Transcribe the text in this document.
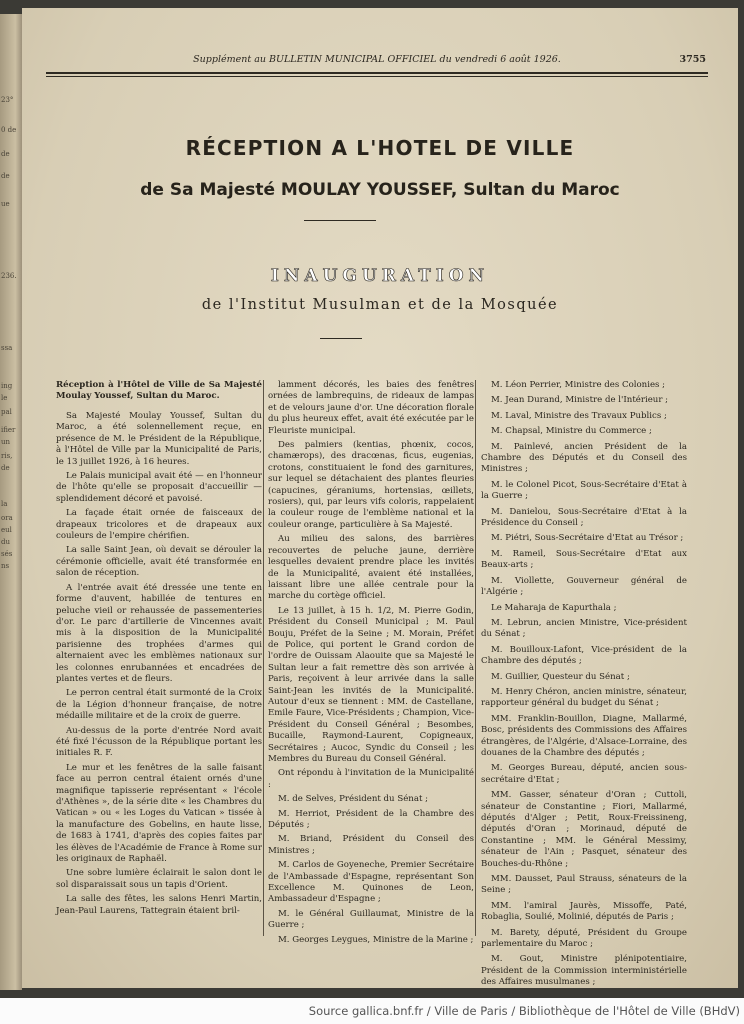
23°
0 de
de
de
ue
236.
ssa
ing
le
pal
ifier
un
ris,
de
la
ora
eul
du
sés
ns
Supplément au BULLETIN MUNICIPAL OFFICIEL du vendredi 6 août 1926.	3755
RÉCEPTION A L'HOTEL DE VILLE
de Sa Majesté MOULAY YOUSSEF, Sultan du Maroc
INAUGURATION
de l'Institut Musulman et de la Mosquée

Réception à l'Hôtel de Ville de Sa Majesté Moulay Youssef, Sultan du Maroc.

Sa Majesté Moulay Youssef, Sultan du Maroc, a été solennellement reçue, en présence de M. le Président de la République, à l'Hôtel de Ville par la Municipalité de Paris, le 13 juillet 1926, à 16 heures.

Le Palais municipal avait été — en l'honneur de l'hôte qu'elle se proposait d'accueillir — splendidement décoré et pavoisé.

La façade était ornée de faisceaux de drapeaux tricolores et de drapeaux aux couleurs de l'empire chérifien.

La salle Saint Jean, où devait se dérouler la cérémonie officielle, avait été transformée en salon de réception.

A l'entrée avait été dressée une tente en forme d'auvent, habillée de tentures en peluche vieil or rehaussée de passementeries d'or. Le parc d'artillerie de Vincennes avait mis à la disposition de la Municipalité parisienne des trophées d'armes qui alternaient avec les emblèmes nationaux sur les colonnes enrubannées et encadrées de plantes vertes et de fleurs.

Le perron central était surmonté de la Croix de la Légion d'honneur française, de notre médaille militaire et de la croix de guerre.

Au-dessus de la porte d'entrée Nord avait été fixé l'écusson de la République portant les initiales R. F.

Le mur et les fenêtres de la salle faisant face au perron central étaient ornés d'une magnifique tapisserie représentant « l'école d'Athènes », de la série dite « les Chambres du Vatican » ou « les Loges du Vatican » tissée à la manufacture des Gobelins, en haute lisse, de 1683 à 1741, d'après des copies faites par les élèves de l'Académie de France à Rome sur les originaux de Raphaël.

Une sobre lumière éclairait le salon dont le sol disparaissait sous un tapis d'Orient.

La salle des fêtes, les salons Henri Martin, Jean-Paul Laurens, Tattegrain étaient bril-

lamment décorés, les baies des fenêtres ornées de lambrequins, de rideaux de lampas et de velours jaune d'or. Une décoration florale du plus heureux effet, avait été exécutée par le Fleuriste municipal.

Des palmiers (kentias, phœnix, cocos, chamærops), des dracœnas, ficus, eugenias, crotons, constituaient le fond des garnitures, sur lequel se détachaient des plantes fleuries (capucines, géraniums, hortensias, œillets, rosiers), qui, par leurs vifs coloris, rappelaient la couleur rouge de l'emblème national et la couleur orange, particulière à Sa Majesté.

Au milieu des salons, des barrières recouvertes de peluche jaune, derrière lesquelles devaient prendre place les invités de la Municipalité, avaient été installées, laissant libre une allée centrale pour la marche du cortège officiel.

Le 13 juillet, à 15 h. 1/2, M. Pierre Godin, Président du Conseil Municipal ; M. Paul Bouju, Préfet de la Seine ; M. Morain, Préfet de Police, qui portent le Grand cordon de l'ordre de Ouissam Alaouite que sa Majesté le Sultan leur a fait remettre dès son arrivée à Paris, reçoivent à leur arrivée dans la salle Saint-Jean les invités de la Municipalité. Autour d'eux se tiennent : MM. de Castellane, Emile Faure, Vice-Présidents ; Champion, Vice-Président du Conseil Général ; Besombes, Bucaille, Raymond-Laurent, Copigneaux, Secrétaires ; Aucoc, Syndic du Conseil ; les Membres du Bureau du Conseil Général.

Ont répondu à l'invitation de la Municipalité :

M. de Selves, Président du Sénat ;

M. Herriot, Président de la Chambre des Députés ;

M. Briand, Président du Conseil des Ministres ;

M. Carlos de Goyeneche, Premier Secrétaire de l'Ambassade d'Espagne, représentant Son Excellence M. Quinones de Leon, Ambassadeur d'Espagne ;

M. le Général Guillaumat, Ministre de la Guerre ;

M. Georges Leygues, Ministre de la Marine ;

M. Léon Perrier, Ministre des Colonies ;

M. Jean Durand, Ministre de l'Intérieur ;

M. Laval, Ministre des Travaux Publics ;

M. Chapsal, Ministre du Commerce ;

M. Painlevé, ancien Président de la Chambre des Députés et du Conseil des Ministres ;

M. le Colonel Picot, Sous-Secrétaire d'Etat à la Guerre ;

M. Danielou, Sous-Secrétaire d'Etat à la Présidence du Conseil ;

M. Piétri, Sous-Secrétaire d'Etat au Trésor ;

M. Rameil, Sous-Secrétaire d'Etat aux Beaux-arts ;

M. Viollette, Gouverneur général de l'Algérie ;

Le Maharaja de Kapurthala ;

M. Lebrun, ancien Ministre, Vice-président du Sénat ;

M. Bouilloux-Lafont, Vice-président de la Chambre des députés ;

M. Guillier, Questeur du Sénat ;

M. Henry Chéron, ancien ministre, sénateur, rapporteur général du budget du Sénat ;

MM. Franklin-Bouillon, Diagne, Mallarmé, Bosc, présidents des Commissions des Affaires étrangères, de l'Algérie, d'Alsace-Lorraine, des douanes de la Chambre des députés ;

M. Georges Bureau, député, ancien sous-secrétaire d'Etat ;

MM. Gasser, sénateur d'Oran ; Cuttoli, sénateur de Constantine ; Fiori, Mallarmé, députés d'Alger ; Petit, Roux-Freissineng, députés d'Oran ; Morinaud, député de Constantine ; MM. le Général Messimy, sénateur de l'Ain ; Pasquet, sénateur des Bouches-du-Rhône ;

MM. Dausset, Paul Strauss, sénateurs de la Seine ;

MM. l'amiral Jaurès, Missoffe, Paté, Robaglia, Soulié, Molinié, députés de Paris ;

M. Barety, député, Président du Groupe parlementaire du Maroc ;

M. Gout, Ministre plénipotentiaire, Président de la Commission interministérielle des Affaires musulmanes ;

Source gallica.bnf.fr / Ville de Paris / Bibliothèque de l'Hôtel de Ville (BHdV)
